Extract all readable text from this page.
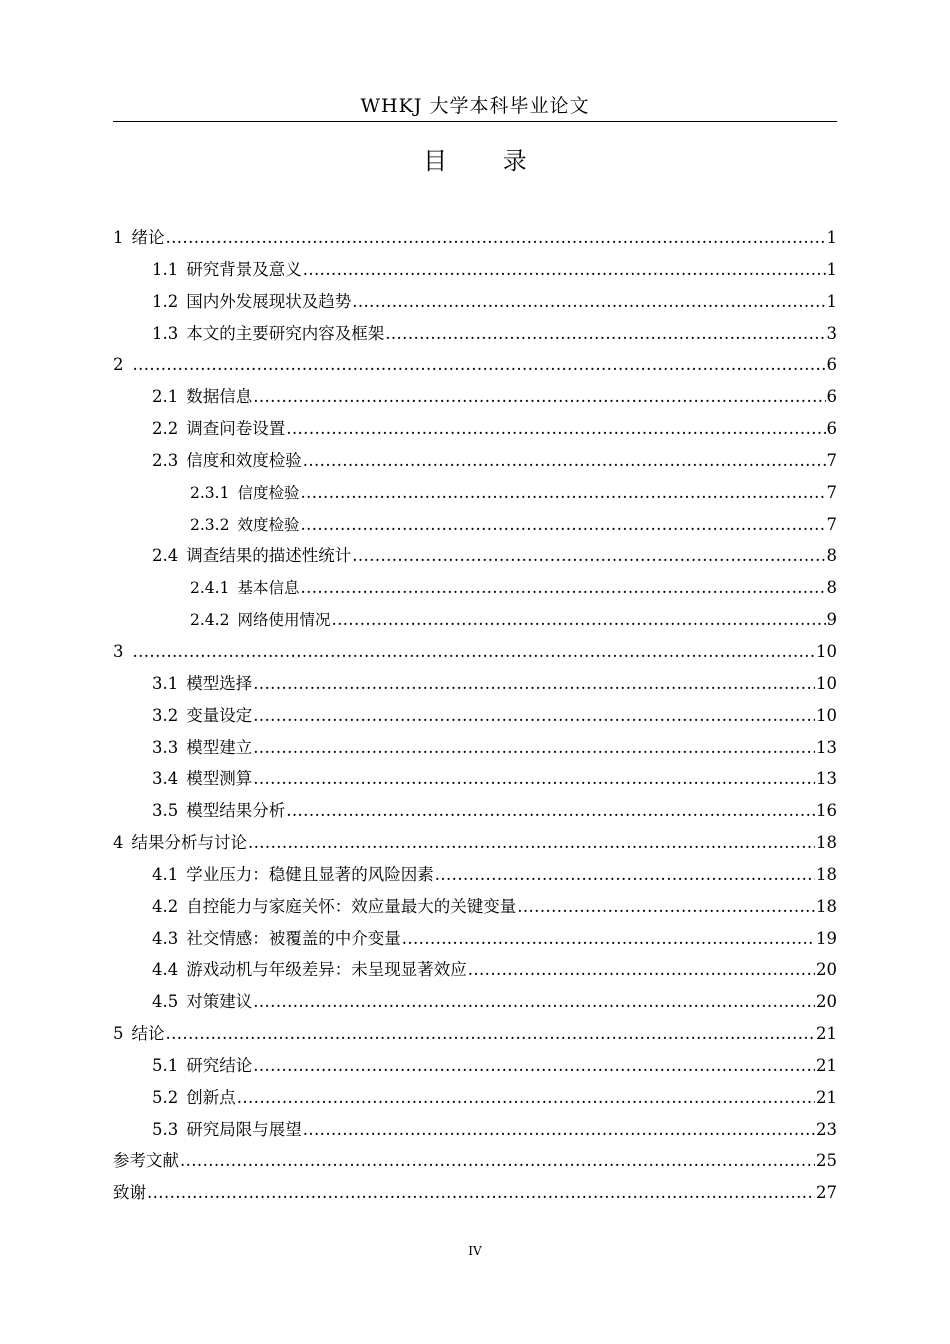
WHKJ 大学本科毕业论文
目 录
1 绪论 .....	1
1.1 研究背景及意义 .....	1
1.2 国内外发展现状及趋势 .....	1
1.3 本文的主要研究内容及框架 .....	3
2 .....	6
2.1 数据信息 .....	6
2.2 调查问卷设置 .....	6
2.3 信度和效度检验 .....	7
2.3.1 信度检验 .....	7
2.3.2 效度检验 .....	7
2.4 调查结果的描述性统计 .....	8
2.4.1 基本信息 .....	8
2.4.2 网络使用情况 .....	9
3 .....	10
3.1 模型选择 .....	10
3.2 变量设定 .....	10
3.3 模型建立 .....	13
3.4 模型测算 .....	13
3.5 模型结果分析 .....	16
4 结果分析与讨论 .....	18
4.1 学业压力：稳健且显著的风险因素 .....	18
4.2 自控能力与家庭关怀：效应量最大的关键变量 .....	18
4.3 社交情感：被覆盖的中介变量 .....	19
4.4 游戏动机与年级差异：未呈现显著效应 .....	20
4.5 对策建议 .....	20
5 结论 .....	21
5.1 研究结论 .....	21
5.2 创新点 .....	21
5.3 研究局限与展望 .....	23
参考文献 .....	25
致谢 .....	27
IV
